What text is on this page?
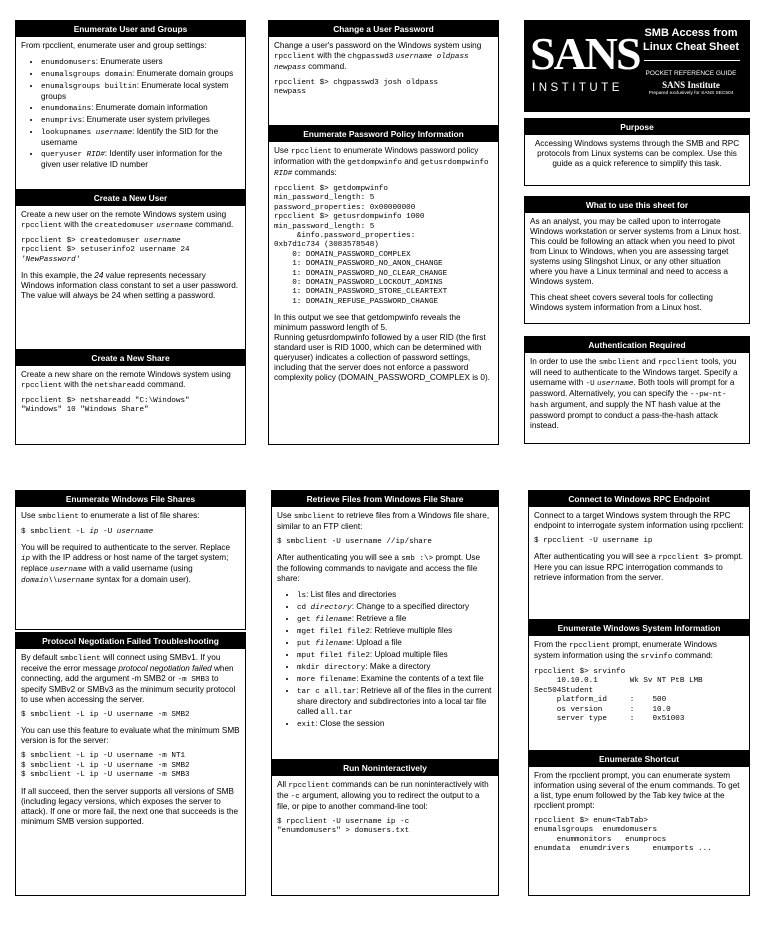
Enumerate User and Groups

From rpcclient, enumerate user and group settings:

• enumdomusers: Enumerate users
• enumalsgroups domain: Enumerate domain groups
• enumalsgroups builtin: Enumerate local system groups
• enumdomains: Enumerate domain information
• enumprivs: Enumerate user system privileges
• lookupnames username: Identify the SID for the username
• queryuser RID#: Identify user information for the given user relative ID number
Create a New User

Create a new user on the remote Windows system using rpcclient with the createdomuser username command.

rpcclient $> createdomuser username
rpcclient $> setuserinfo2 username 24
'NewPassword'

In this example, the 24 value represents necessary Windows information class constant to set a user password. The value will always be 24 when setting a password.

Create a New Share

Create a new share on the remote Windows system using rpcclient with the netshareadd command.

rpcclient $> netshareadd "C:\Windows"
"Windows" 10 "Windows Share"
Change a User Password

Change a user's password on the Windows system using rpcclient with the chgpasswd3 username oldpass newpass command.

rpcclient $> chgpasswd3 josh oldpass
newpass
Enumerate Password Policy Information

Use rpcclient to enumerate Windows password policy information with the getdompwinfo and getusrdompwinfo RID# commands:

rpcclient $> getdompwinfo
min_password_length: 5
password_properties: 0x00000000
rpcclient $> getusrdompwinfo 1000
min_password_length: 5
&info.password_properties:
0xb7d1c734 (3083578548)
0: DOMAIN_PASSWORD_COMPLEX
1: DOMAIN_PASSWORD_NO_ANON_CHANGE
1: DOMAIN_PASSWORD_NO_CLEAR_CHANGE
0: DOMAIN_PASSWORD_LOCKOUT_ADMINS
1: DOMAIN_PASSWORD_STORE_CLEARTEXT
1: DOMAIN_REFUSE_PASSWORD_CHANGE

In this output we see that getdompwinfo reveals the minimum password length of 5.

Running getusrdompwinfo followed by a user RID (the first standard user is RID 1000, which can be determined with queryuser) indicates a collection of password settings, including that the server does not enforce a password complexity policy (DOMAIN_PASSWORD_COMPLEX is 0).

SANS
INSTITUTE
SMB Access from Linux Cheat Sheet
POCKET REFERENCE GUIDE
SANS Institute
Prepared exclusively for SANS SEC504
Purpose

Accessing Windows systems through the SMB and RPC protocols from Linux systems can be complex. Use this guide as a quick reference to simplify this task.

What to use this sheet for

As an analyst, you may be called upon to interrogate Windows workstation or server systems from a Linux host. This could be following an attack when you need to pivot from Linux to Windows, when you are assessing target systems using Slingshot Linux, or any other situation where you have a Linux terminal and need to access a Windows system.

This cheat sheet covers several tools for collecting Windows system information from a Linux host.

Authentication Required

In order to use the smbclient and rpcclient tools, you will need to authenticate to the Windows target. Specify a username with -U username. Both tools will prompt for a password. Alternatively, you can specify the --pw-nt-hash argument, and supply the NT hash value at the password prompt to conduct a pass-the-hash attack instead.

Enumerate Windows File Shares

Use smbclient to enumerate a list of file shares:

$ smbclient -L ip -U username

You will be required to authenticate to the server. Replace ip with the IP address or host name of the target system; replace username with a valid username (using domain\\username syntax for a domain user).

Protocol Negotiation Failed Troubleshooting

By default smbclient will connect using SMBv1. If you receive the error message protocol negotiation failed when connecting, add the argument -m SMB2 or -m SMB3 to specify SMBv2 or SMBv3 as the minimum security protocol to use when accessing the server.

$ smbclient -L ip -U username -m SMB2

You can use this feature to evaluate what the minimum SMB version is for the server:

$ smbclient -L ip -U username -m NT1
$ smbclient -L ip -U username -m SMB2
$ smbclient -L ip -U username -m SMB3

If all succeed, then the server supports all versions of SMB (including legacy versions, which exposes the server to attack). If one or more fail, the next one that succeeds is the minimum SMB version supported.

Retrieve Files from Windows File Share

Use smbclient to retrieve files from a Windows file share, similar to an FTP client:

$ smbclient -U username //ip/share

After authenticating you will see a smb :\> prompt. Use the following commands to navigate and access the file share:

• ls: List files and directories
• cd directory: Change to a specified directory
• get filename: Retrieve a file
• mget file1 file2: Retrieve multiple files
• put filename: Upload a file
• mput file1 file2: Upload multiple files
• mkdir directory: Make a directory
• more filename: Examine the contents of a text file
• tar c all.tar: Retrieve all of the files in the current share directory and subdirectories into a local tar file called all.tar
• exit: Close the session
Run Noninteractively

All rpcclient commands can be run noninteractively with the -c argument, allowing you to redirect the output to a file, or pipe to another command-line tool:

$ rpcclient -U username ip -c
"enumdomusers" > domusers.txt
Connect to Windows RPC Endpoint

Connect to a target Windows system through the RPC endpoint to interrogate system information using rpcclient:

$ rpcclient -U username ip

After authenticating you will see a rpcclient $> prompt. Here you can issue RPC interrogation commands to retrieve information from the server.

Enumerate Windows System Information

From the rpcclient prompt, enumerate Windows system information using the srvinfo command:

rpcclient $> srvinfo
10.10.0.1       Wk Sv NT PtB LMB
Sec504Student
platform_id     :    500
os version      :    10.0
server type     :    0x51003
Enumerate Shortcut

From the rpcclient prompt, you can enumerate system information using several of the enum commands. To get a list, type enum followed by the Tab key twice at the rpcclient prompt:

rpcclient $> enum<TabTab>
enumalsgroups  enumdomusers
enummonitors   enumprocs
enumdata  enumdrivers     enumports ...
